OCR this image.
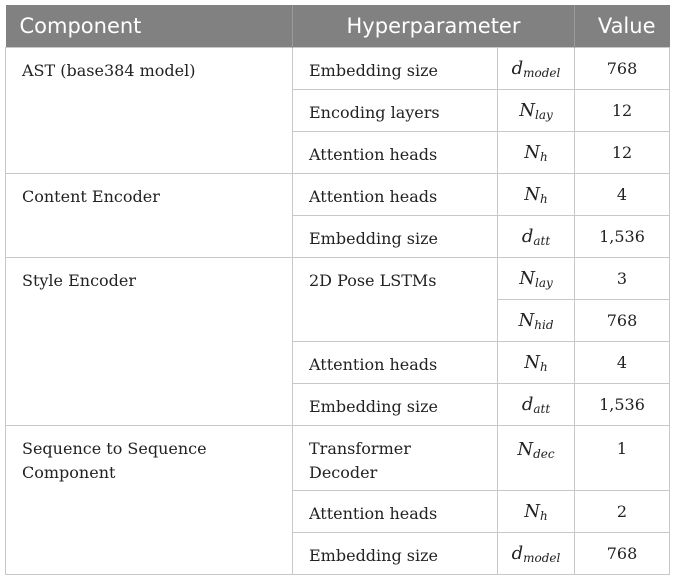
Component	Hyperparameter		Value
AST (base384 model)	Embedding size	$d_{model}$	768
	Encoding layers	$N_{lay}$	12
	Attention heads	$N_h$	12
Content Encoder	Attention heads	$N_h$	4
	Embedding size	$d_{att}$	1,536
Style Encoder	2D Pose LSTMs	$N_{lay}$	3
		$N_{hid}$	768
	Attention heads	$N_h$	4
	Embedding size	$d_{att}$	1,536
Sequence to Sequence Component	Transformer Decoder	$N_{dec}$	1
	Attention heads	$N_h$	2
	Embedding size	$d_{model}$	768
